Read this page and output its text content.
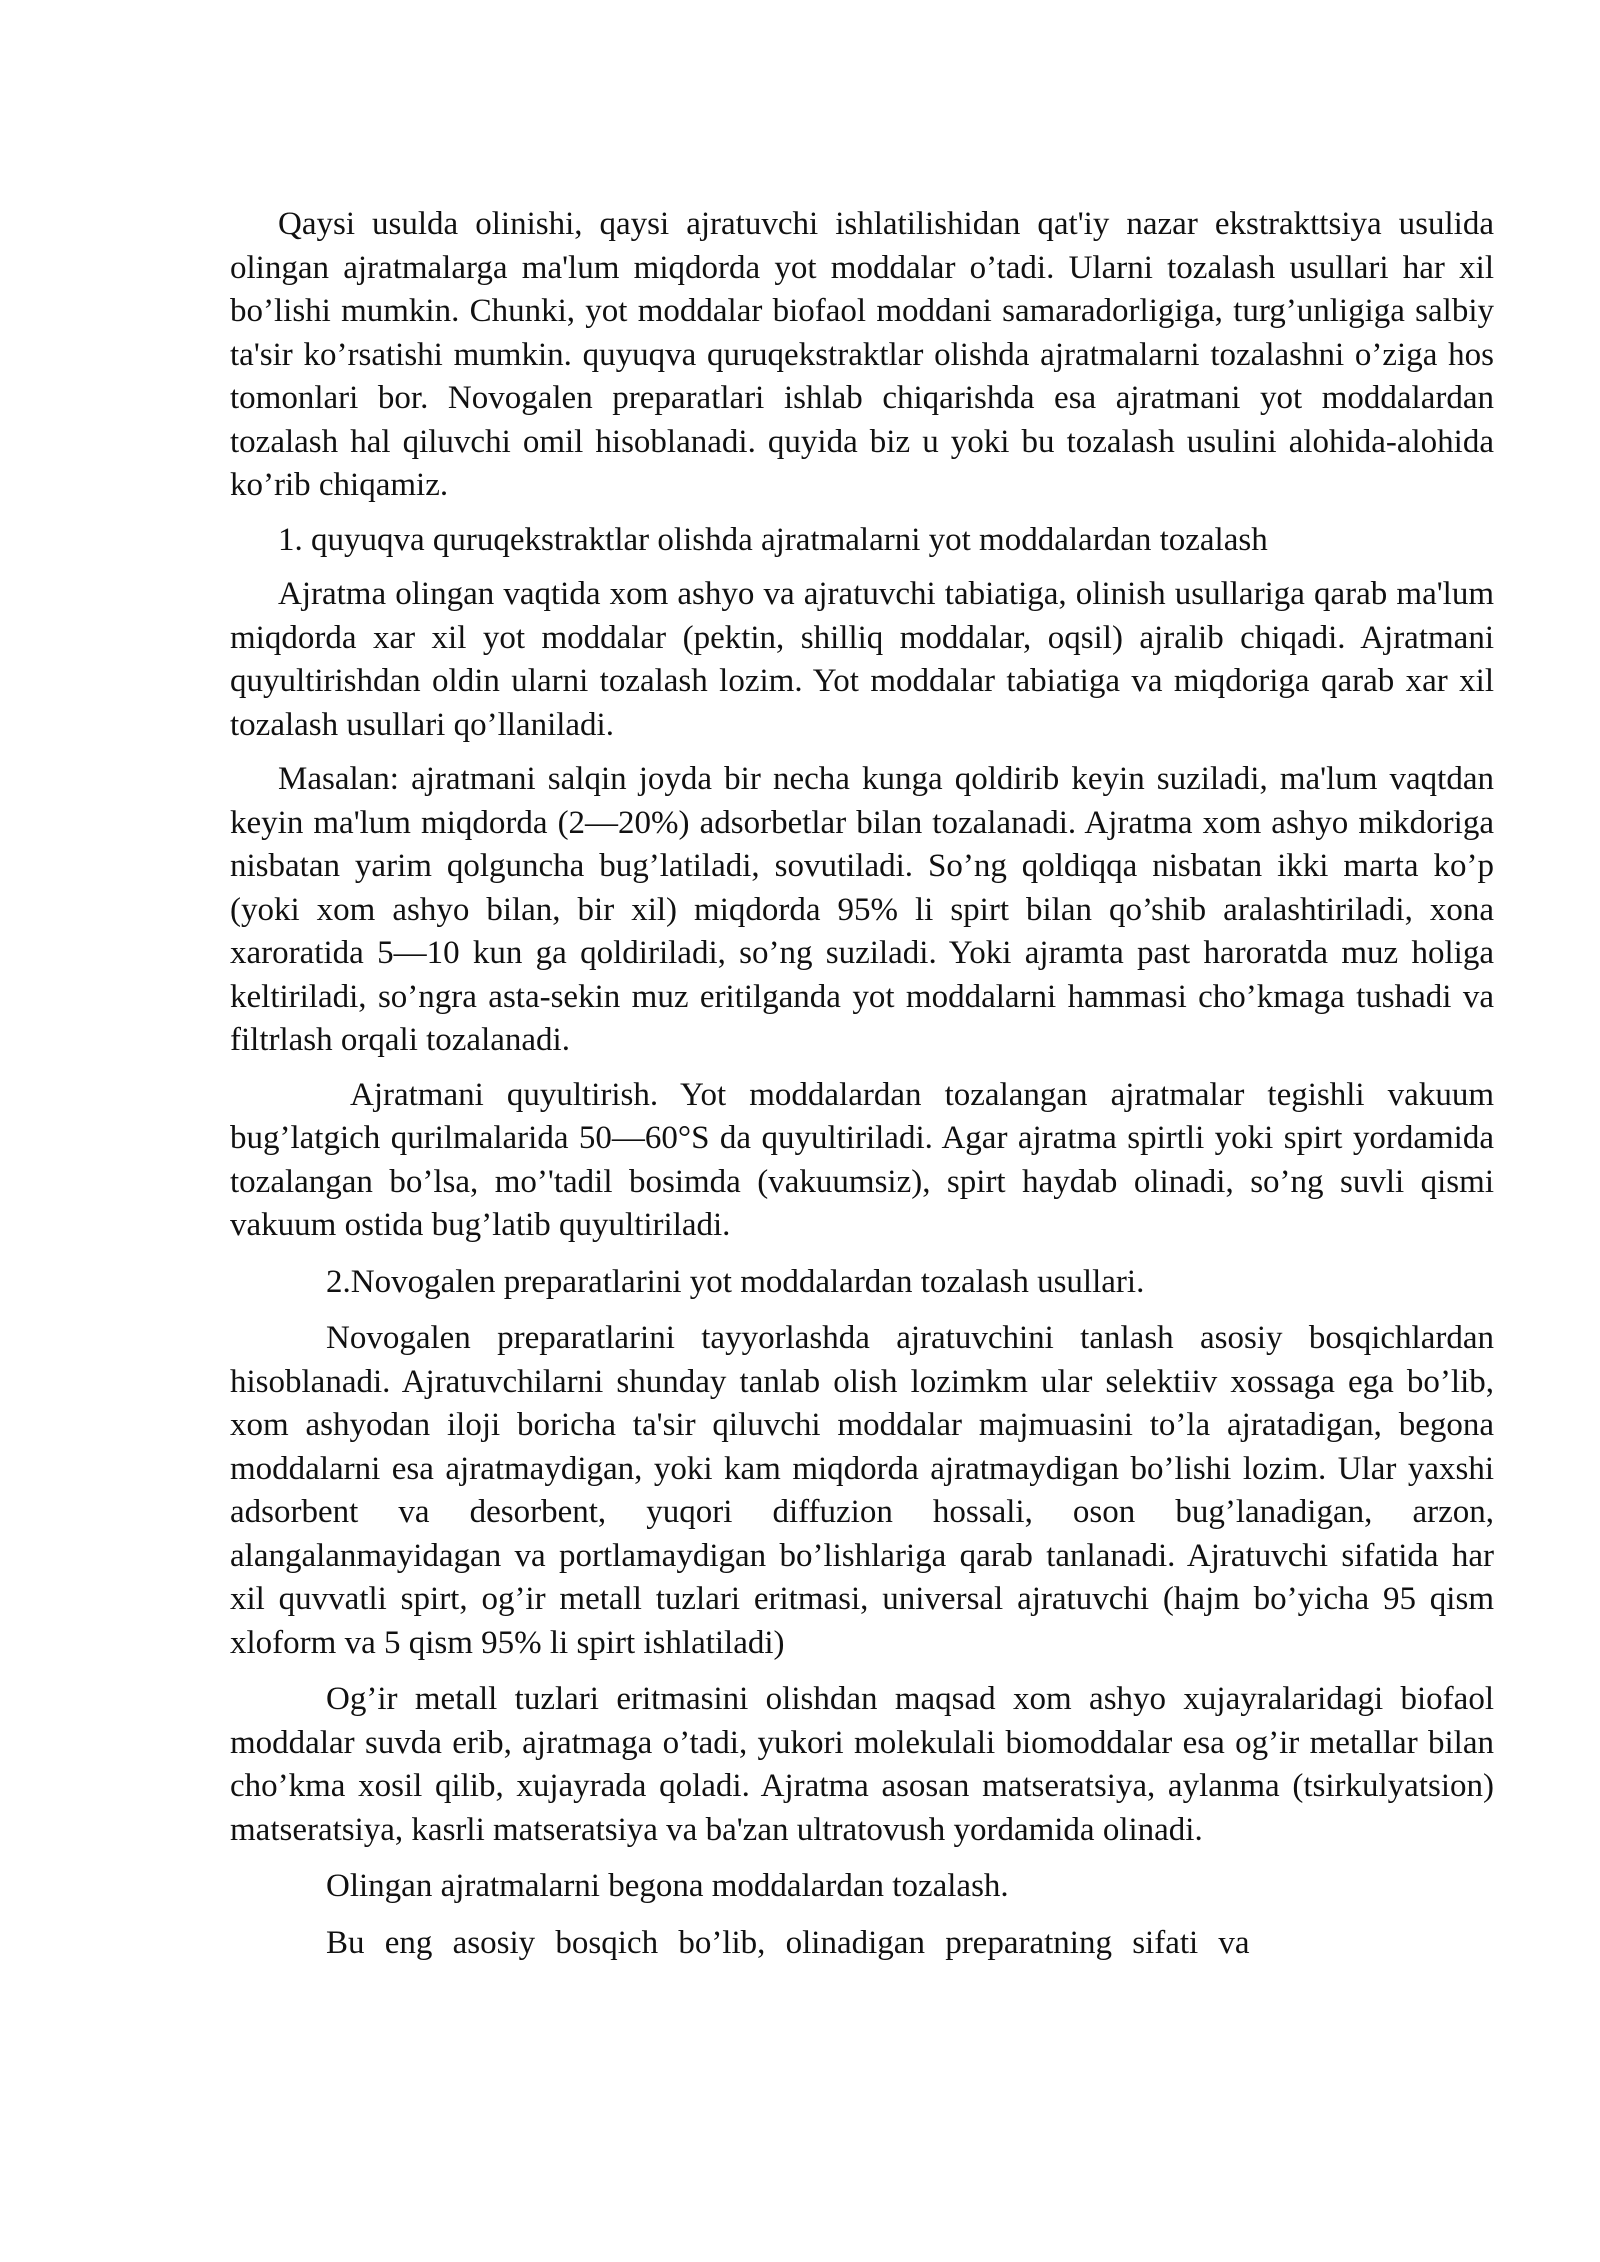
Qaysi usulda olinishi, qaysi ajratuvchi ishlatilishidan qat'iy nazar ekstrakttsiya usulida olingan ajratmalarga ma'lum miqdorda yot moddalar o’tadi. Ularni tozalash usullari har xil bo’lishi mumkin. Chunki, yot moddalar biofaol moddani samaradorligiga, turg’unligiga salbiy ta'sir ko’rsatishi mumkin. quyuqva quruqekstraktlar olishda ajratmalarni tozalashni o’ziga hos tomonlari bor. Novogalen preparatlari ishlab chiqarishda esa ajratmani yot moddalardan tozalash hal qiluvchi omil hisoblanadi. quyida biz u yoki bu tozalash usulini alohida-alohida ko’rib chiqamiz.

1. quyuqva quruqekstraktlar olishda ajratmalarni yot moddalardan tozalash

Ajratma olingan vaqtida xom ashyo va ajratuvchi tabiatiga, olinish usullariga qarab ma'lum miqdorda xar xil yot moddalar (pektin, shilliq moddalar, oqsil) ajralib chiqadi. Ajratmani quyultirishdan oldin ularni tozalash lozim. Yot moddalar tabiatiga va miqdoriga qarab xar xil tozalash usullari qo’llaniladi.

Masalan: ajratmani salqin joyda bir necha kunga qoldirib keyin suziladi, ma'lum vaqtdan keyin ma'lum miqdorda (2—20%) adsorbetlar bilan tozalanadi. Ajratma xom ashyo mikdoriga nisbatan yarim qolguncha bug’latiladi, sovutiladi. So’ng qoldiqqa nisbatan ikki marta ko’p (yoki xom ashyo bilan, bir xil) miqdorda 95% li spirt bilan qo’shib aralashtiriladi, xona xaroratida 5—10 kun ga qoldiriladi, so’ng suziladi. Yoki ajramta past haroratda muz holiga keltiriladi, so’ngra asta-sekin muz eritilganda yot moddalarni hammasi cho’kmaga tushadi va filtrlash orqali tozalanadi.

Ajratmani quyultirish. Yot moddalardan tozalangan ajratmalar tegishli vakuum bug’latgich qurilmalarida 50—60°S da quyultiriladi. Agar ajratma spirtli yoki spirt yordamida tozalangan bo’lsa, mo’'tadil bosimda (vakuumsiz), spirt haydab olinadi, so’ng suvli qismi vakuum ostida bug’latib quyultiriladi.

2.Novogalen preparatlarini yot moddalardan tozalash usullari.

Novogalen preparatlarini tayyorlashda ajratuvchini tanlash asosiy bosqichlardan hisoblanadi. Ajratuvchilarni shunday tanlab olish lozimkm ular selektiiv xossaga ega bo’lib, xom ashyodan iloji boricha ta'sir qiluvchi moddalar majmuasini to’la ajratadigan, begona moddalarni esa ajratmaydigan, yoki kam miqdorda ajratmaydigan bo’lishi lozim. Ular yaxshi adsorbent va desorbent, yuqori diffuzion hossali, oson bug’lanadigan, arzon, alangalanmayidagan va portlamaydigan bo’lishlariga qarab tanlanadi. Ajratuvchi sifatida har xil quvvatli spirt, og’ir metall tuzlari eritmasi, universal ajratuvchi (hajm bo’yicha 95 qism xloform va 5 qism 95% li spirt ishlatiladi)

Og’ir metall tuzlari eritmasini olishdan maqsad xom ashyo xujayralaridagi biofaol moddalar suvda erib, ajratmaga o’tadi, yukori molekulali biomoddalar esa og’ir metallar bilan cho’kma xosil qilib, xujayrada qoladi. Ajratma asosan matseratsiya, aylanma (tsirkulyatsion) matseratsiya, kasrli matseratsiya va ba'zan ultratovush yordamida olinadi.

Olingan ajratmalarni begona moddalardan tozalash.

Bu eng asosiy bosqich bo’lib, olinadigan preparatning sifati va
